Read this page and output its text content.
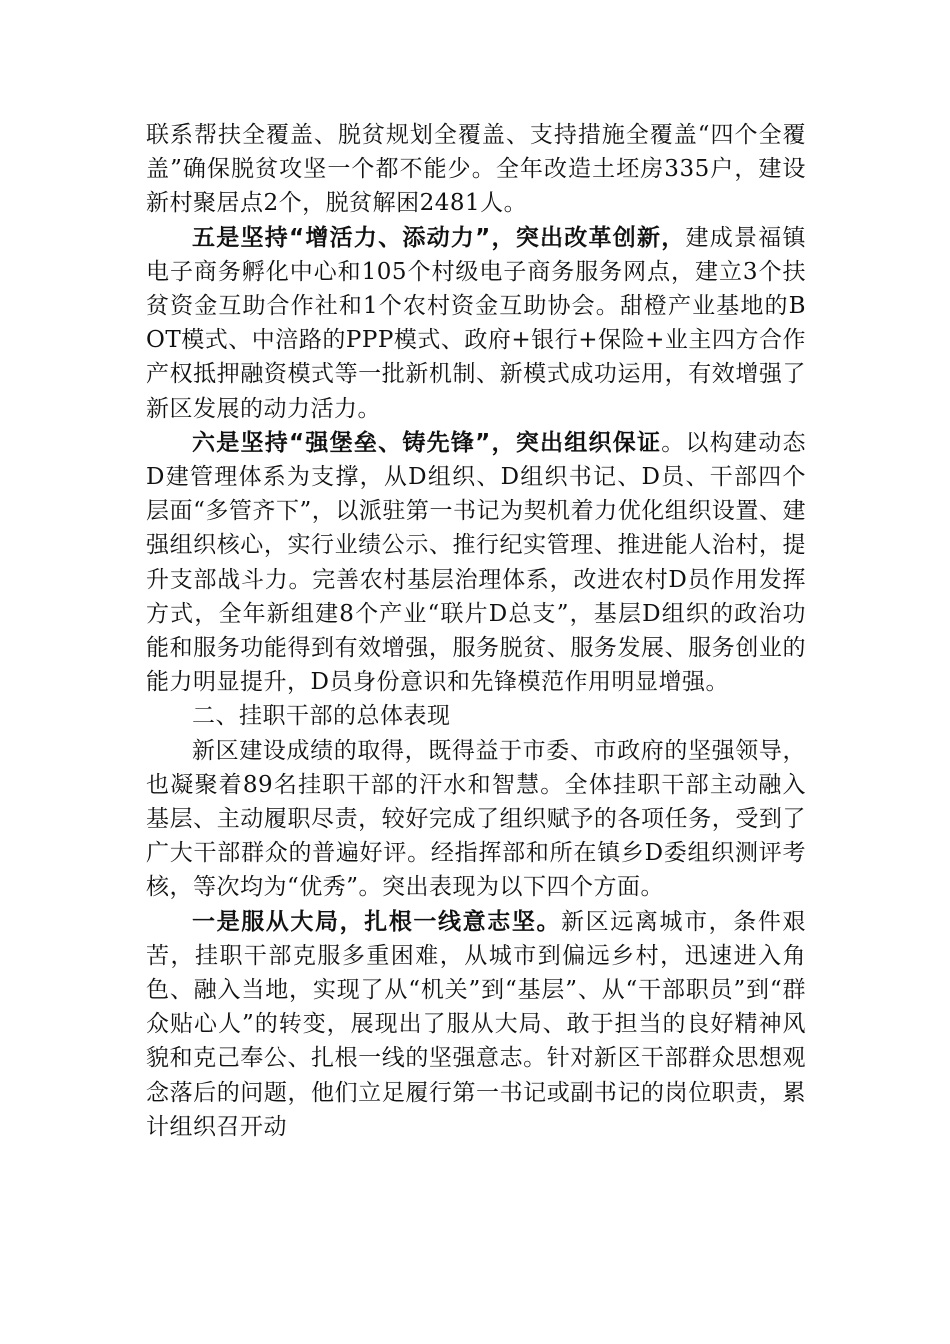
联系帮扶全覆盖、脱贫规划全覆盖、支持措施全覆盖“四个全覆盖”确保脱贫攻坚一个都不能少。全年改造土坯房335户，建设新村聚居点2个，脱贫解困2481人。

五是坚持“增活力、添动力”，突出改革创新，建成景福镇电子商务孵化中心和105个村级电子商务服务网点，建立3个扶贫资金互助合作社和1个农村资金互助协会。甜橙产业基地的BOT模式、中涪路的PPP模式、政府+银行+保险+业主四方合作产权抵押融资模式等一批新机制、新模式成功运用，有效增强了新区发展的动力活力。

六是坚持“强堡垒、铸先锋”，突出组织保证。以构建动态D建管理体系为支撑，从D组织、D组织书记、D员、干部四个层面“多管齐下”，以派驻第一书记为契机着力优化组织设置、建强组织核心，实行业绩公示、推行纪实管理、推进能人治村，提升支部战斗力。完善农村基层治理体系，改进农村D员作用发挥方式，全年新组建8个产业“联片D总支”，基层D组织的政治功能和服务功能得到有效增强，服务脱贫、服务发展、服务创业的能力明显提升，D员身份意识和先锋模范作用明显增强。

二、挂职干部的总体表现

新区建设成绩的取得，既得益于市委、市政府的坚强领导，也凝聚着89名挂职干部的汗水和智慧。全体挂职干部主动融入基层、主动履职尽责，较好完成了组织赋予的各项任务，受到了广大干部群众的普遍好评。经指挥部和所在镇乡D委组织测评考核，等次均为“优秀”。突出表现为以下四个方面。

一是服从大局，扎根一线意志坚。新区远离城市，条件艰苦，挂职干部克服多重困难，从城市到偏远乡村，迅速进入角色、融入当地，实现了从“机关”到“基层”、从“干部职员”到“群众贴心人”的转变，展现出了服从大局、敢于担当的良好精神风貌和克己奉公、扎根一线的坚强意志。针对新区干部群众思想观念落后的问题，他们立足履行第一书记或副书记的岗位职责，累计组织召开动
